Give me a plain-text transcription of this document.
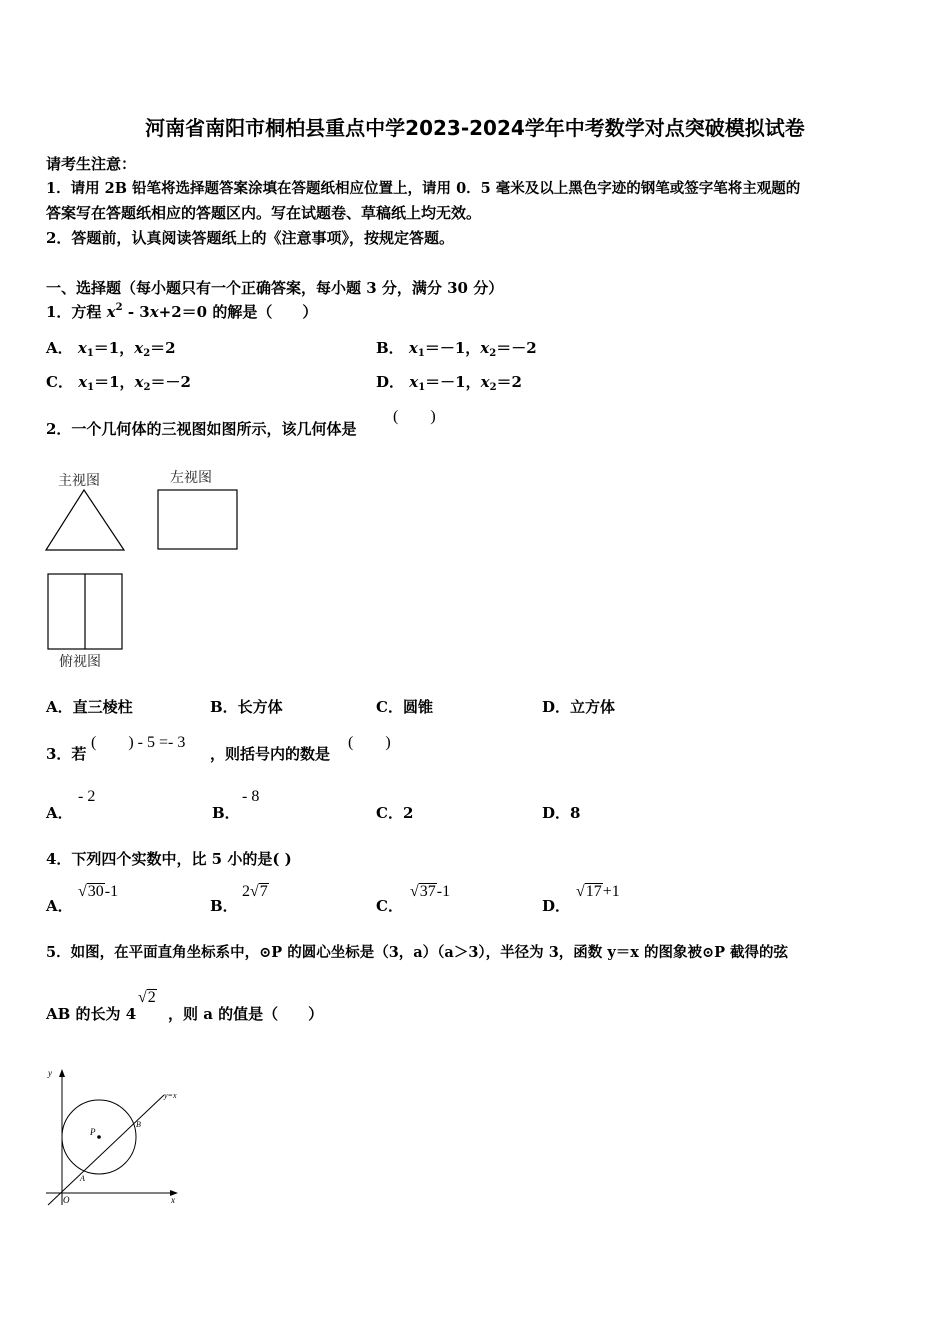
河南省南阳市桐柏县重点中学2023-2024学年中考数学对点突破模拟试卷
请考生注意：
1．请用 2B 铅笔将选择题答案涂填在答题纸相应位置上，请用 0．5 毫米及以上黑色字迹的钢笔或签字笔将主观题的
答案写在答题纸相应的答题区内。写在试题卷、草稿纸上均无效。
2．答题前，认真阅读答题纸上的《注意事项》，按规定答题。
一、选择题（每小题只有一个正确答案，每小题 3 分，满分 30 分）
1．方程 $x^2 - 3x+2=0$ 的解是（　　）
A． $x_1=1$，$x_2=2$	B． $x_1=-1$，$x_2=-2$
C． $x_1=1$，$x_2=-2$	D． $x_1=-1$，$x_2=2$
2．一个几何体的三视图如图所示，该几何体是
(　　)
主视图	左视图
俯视图
A．直三棱柱	B．长方体	C．圆锥	D．立方体
3．若
(　　) - 5 =- 3
，则括号内的数是
(　　)
A．
- 2
B．
- 8
C．2	D．8
4．下列四个实数中，比 5 小的是( )
A．
√30-1
B．
2√7
C．
√37-1
D．
√17+1
5．如图，在平面直角坐标系中，⊙P 的圆心坐标是（3，a）（a＞3），半径为 3，函数 y＝x 的图象被⊙P 截得的弦
AB 的长为 4
√2
，则 a 的值是（　　）
y
x
O
y=x
P
A
B
